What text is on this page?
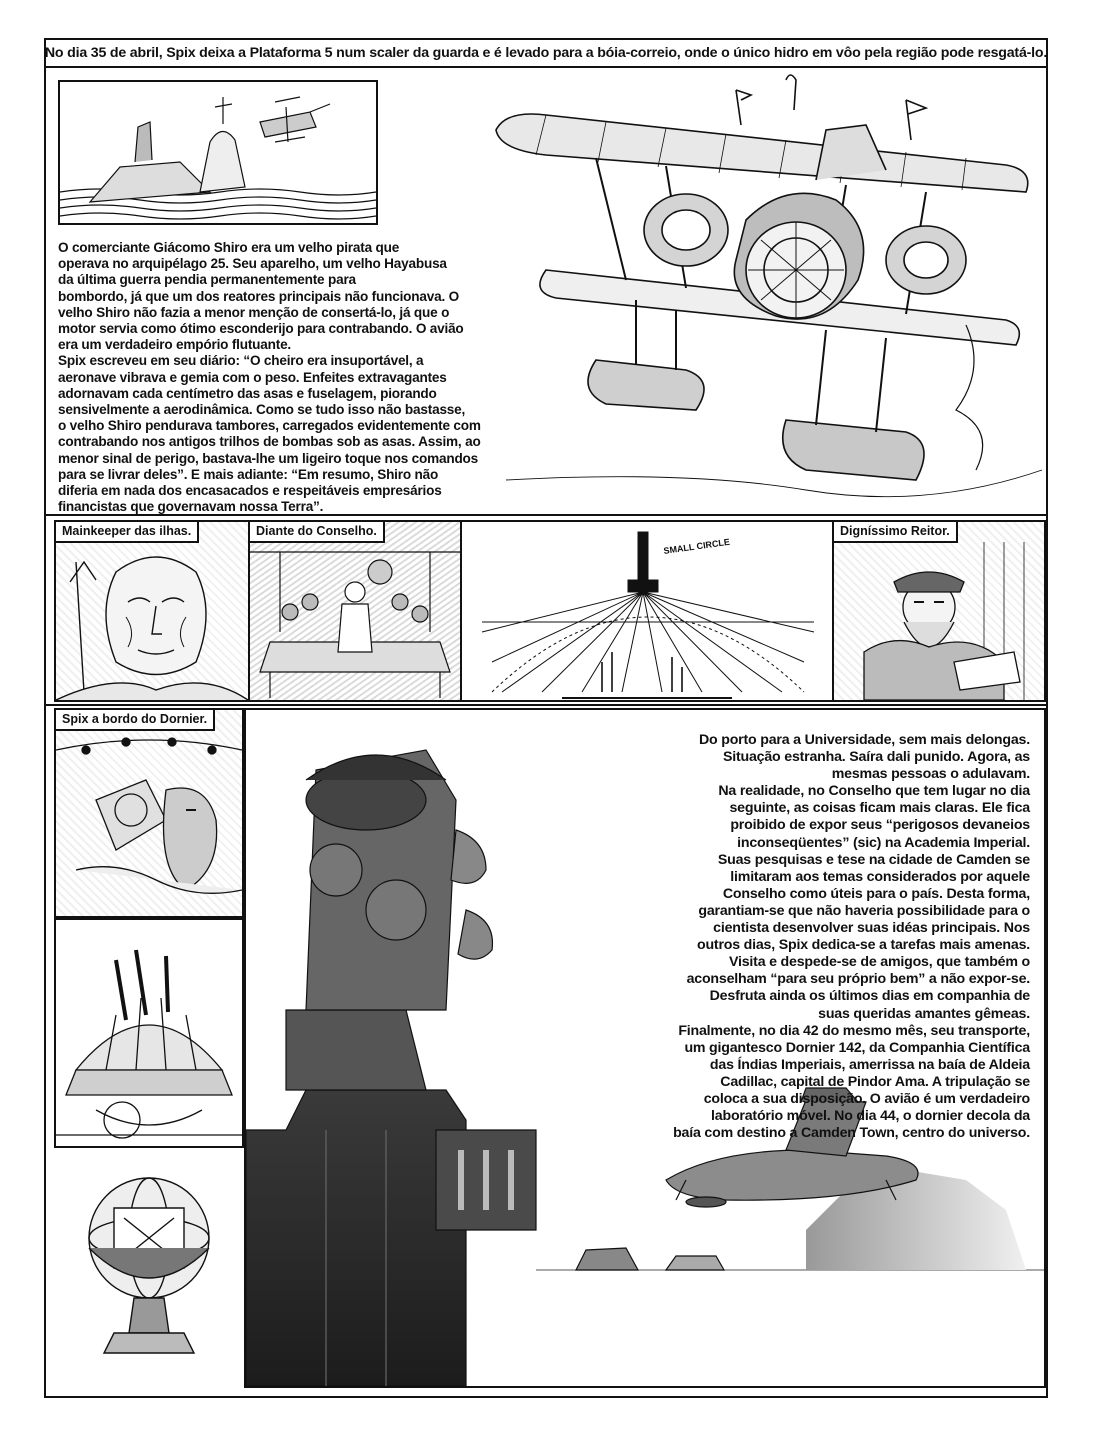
No dia 35 de abril, Spix deixa a Plataforma 5 num scaler da guarda e é levado para a bóia-correio, onde o único hidro em vôo pela região pode resgatá-lo.

O comerciante Giácomo Shiro era um velho pirata que

operava no arquipélago 25. Seu aparelho, um velho Hayabusa

da última guerra pendia permanentemente para

bombordo, já que um dos reatores principais não funcionava. O

velho Shiro não fazia a menor menção de consertá-lo, já que o

motor servia como ótimo esconderijo para contrabando. O avião

era um verdadeiro empório flutuante.

Spix escreveu em seu diário: “O cheiro era insuportável, a

aeronave vibrava e gemia com o peso. Enfeites extravagantes

adornavam cada centímetro das asas e fuselagem, piorando

sensivelmente a aerodinâmica. Como se tudo isso não bastasse,

o velho Shiro pendurava tambores, carregados evidentemente com

contrabando nos antigos trilhos de bombas sob as asas. Assim, ao

menor sinal de perigo, bastava-lhe um ligeiro toque nos comandos

para se livrar deles”. E mais adiante: “Em resumo, Shiro não

diferia em nada dos encasacados e respeitáveis empresários

financistas que governavam nossa Terra”.

Mainkeeper das ilhas.	Diante do Conselho.
SMALL CIRCLE
Digníssimo Reitor.
Spix a bordo do Dornier.

Do porto para a Universidade, sem mais delongas.

Situação estranha. Saíra dali punido. Agora, as

mesmas pessoas o adulavam.

Na realidade, no Conselho que tem lugar no dia

seguinte, as coisas ficam mais claras. Ele fica

proibido de expor seus “perigosos devaneios

inconseqüentes” (sic) na Academia Imperial.

Suas pesquisas e tese na cidade de Camden se

limitaram aos temas considerados por aquele

Conselho como úteis para o país. Desta forma,

garantiam-se que não haveria possibilidade para o

cientista desenvolver suas idéas principais. Nos

outros dias, Spix dedica-se a tarefas mais amenas.

Visita e despede-se de amigos, que também o

aconselham “para seu próprio bem” a não expor-se.

Desfruta ainda os últimos dias em companhia de

suas queridas amantes gêmeas.

Finalmente, no dia 42 do mesmo mês, seu transporte,

um gigantesco Dornier 142, da Companhia Científica

das Índias Imperiais, amerrissa na baía de Aldeia

Cadillac, capital de Pindor Ama. A tripulação se

coloca a sua disposição. O avião é um verdadeiro

laboratório móvel. No dia 44, o dornier decola da

baía com destino a Camden Town, centro do universo.
